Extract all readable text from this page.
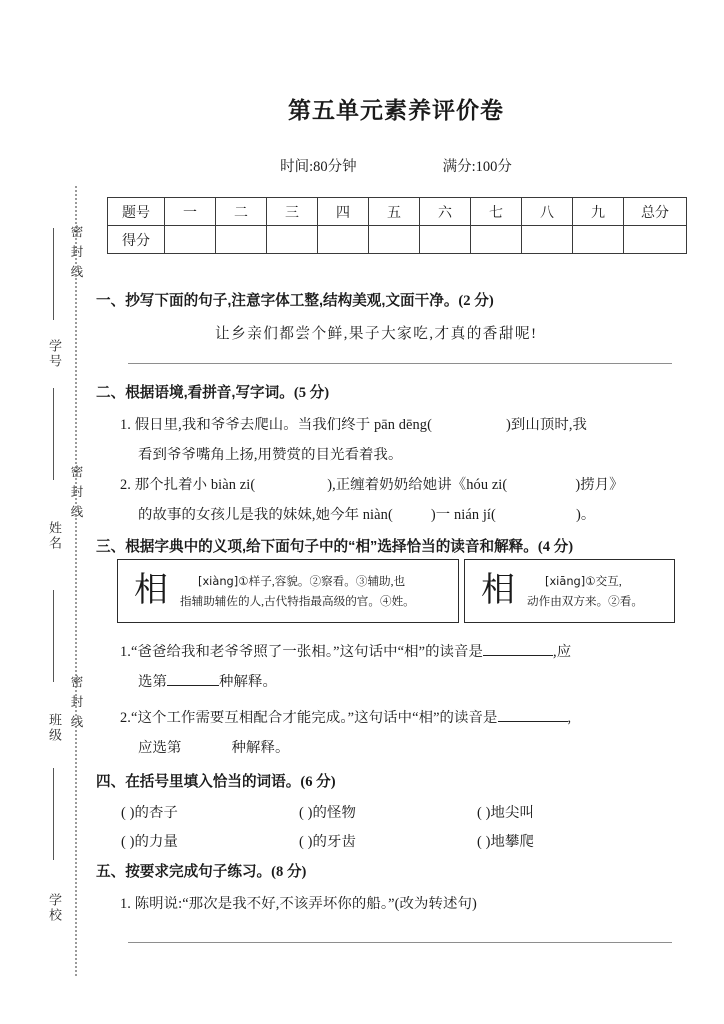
密
封
线
密
封
线
密
封
线
学号
姓名
班级
学校
第五单元素养评价卷
时间:80分钟	满分:100分
题号	一	二	三	四	五	六	七	八	九	总分
得分										
一、抄写下面的句子,注意字体工整,结构美观,文面干净。(2 分)
让乡亲们都尝个鲜,果子大家吃,才真的香甜呢!
二、根据语境,看拼音,写字词。(5 分)
1. 假日里,我和爷爷去爬山。当我们终于 pān dēng(	)到山顶时,我
看到爷爷嘴角上扬,用赞赏的目光看着我。
2. 那个扎着小 biàn zi(	),正缠着奶奶给她讲《hóu zi(	)捞月》
的故事的女孩儿是我的妹妹,她今年 niàn(	)一 nián jí(	)。
三、根据字典中的义项,给下面句子中的“相”选择恰当的读音和解释。(4 分)
相	[xiàng]①样子,容貌。②察看。③辅助,也
指辅助辅佐的人,古代特指最高级的官。④姓。	相	[xiāng]①交互,
动作由双方来。②看。
1.“爸爸给我和老爷爷照了一张相。”这句话中“相”的读音是	,应
选第	种解释。
2.“这个工作需要互相配合才能完成。”这句话中“相”的读音是	,
应选第	种解释。
四、在括号里填入恰当的词语。(6 分)
( )的杏子	( )的怪物	( )地尖叫
( )的力量	( )的牙齿	( )地攀爬
五、按要求完成句子练习。(8 分)
1. 陈明说:“那次是我不好,不该弄坏你的船。”(改为转述句)
